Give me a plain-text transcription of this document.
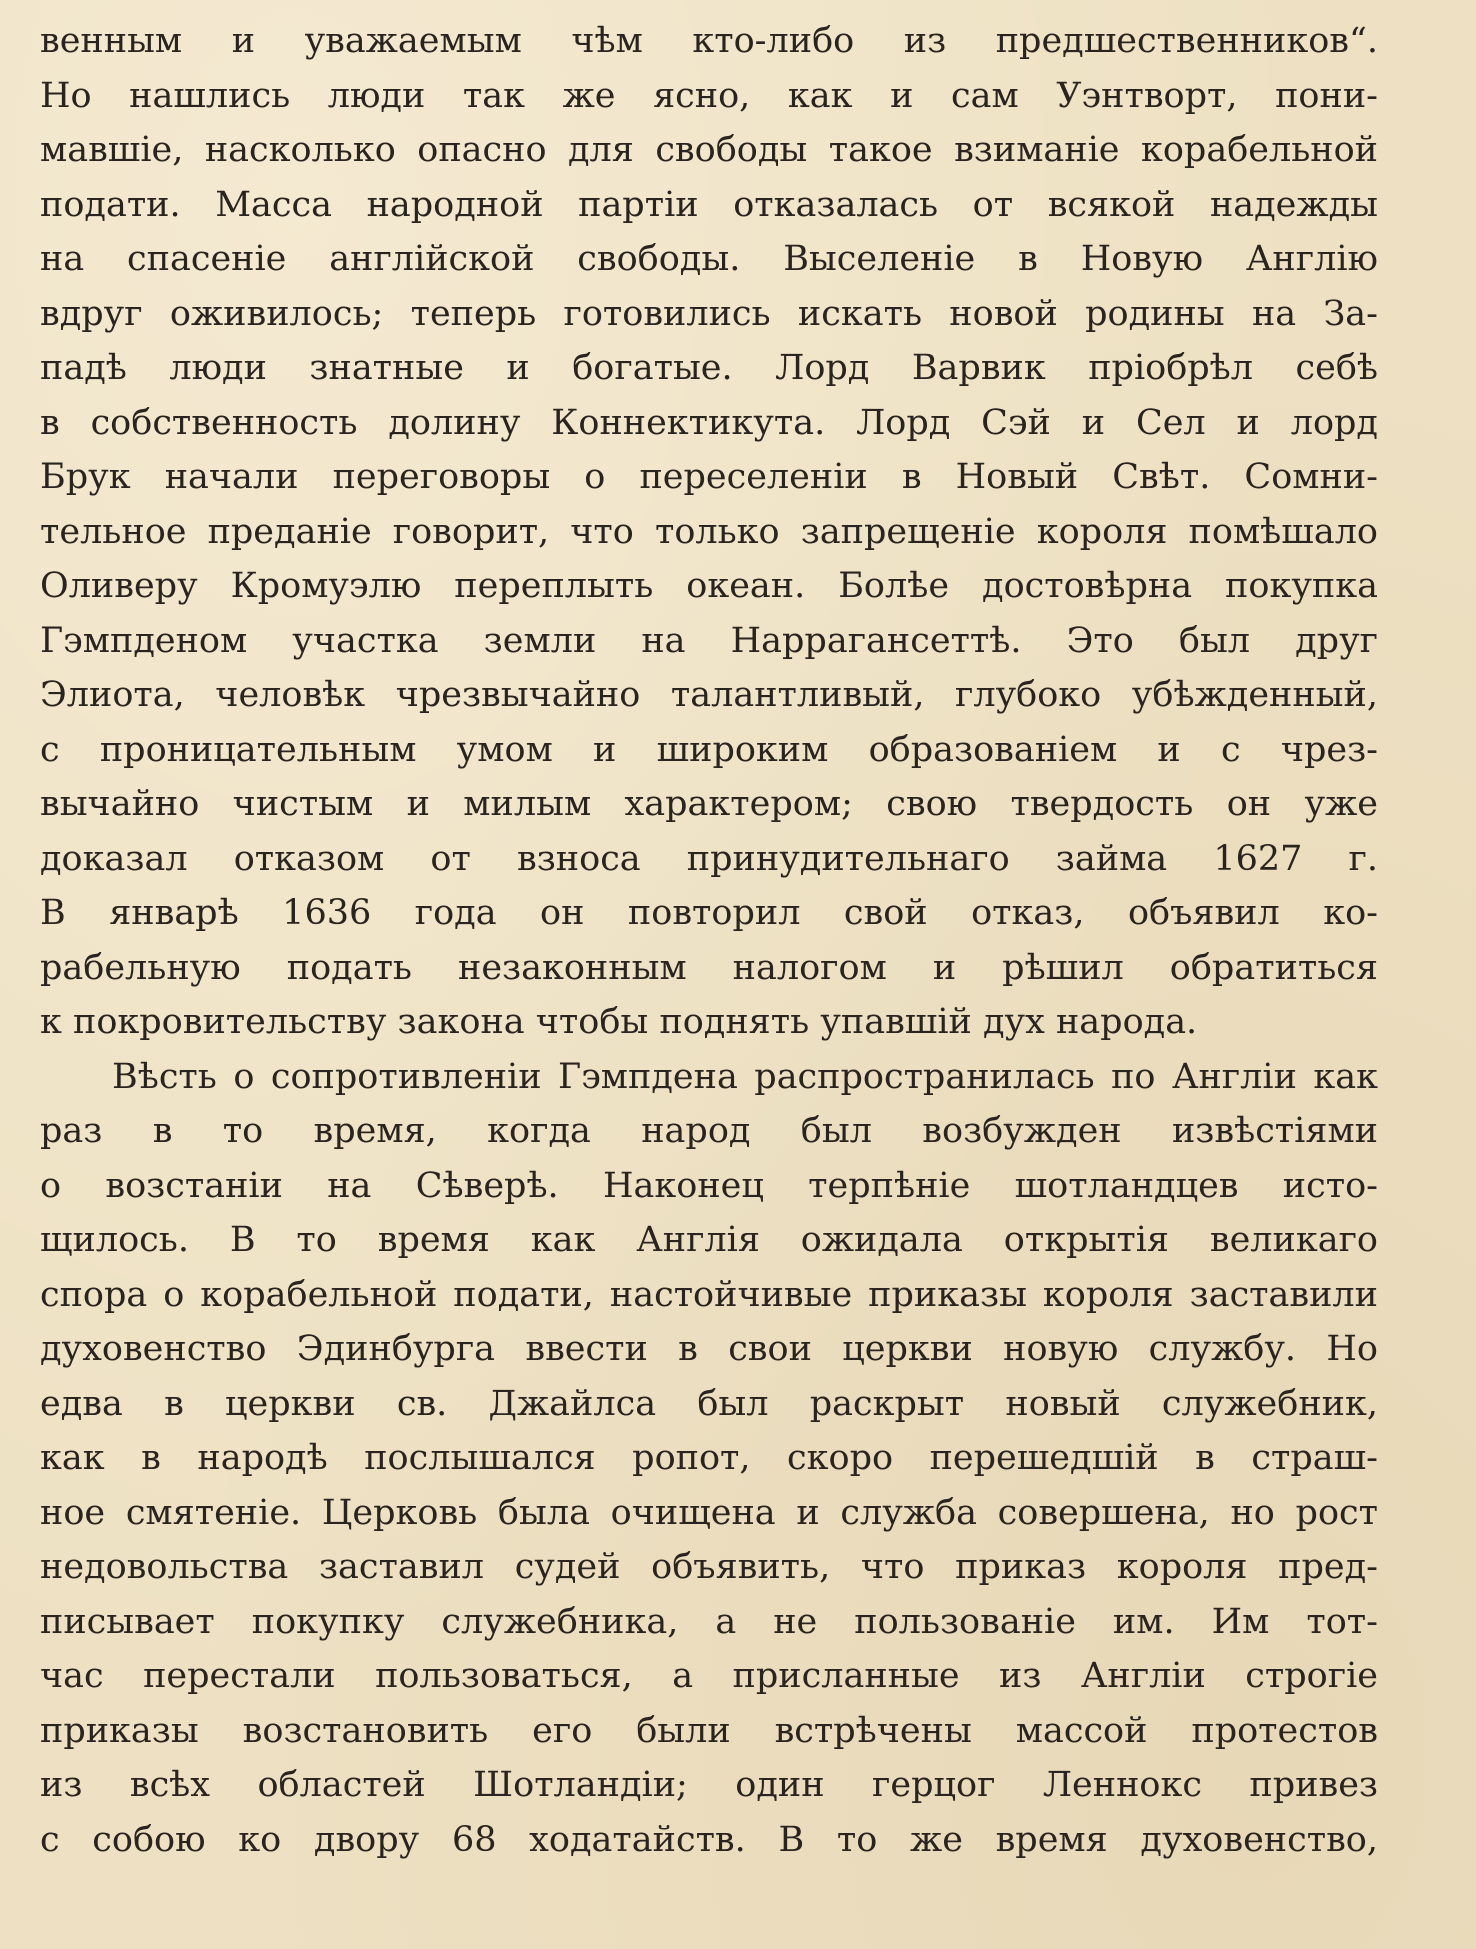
венным и уважаемым чѣм кто-либо из предшественников“.
Но нашлись люди так же ясно, как и сам Уэнтворт, пони-
мавшіе, насколько опасно для свободы такое взиманіе корабельной
подати. Масса народной партіи отказалась от всякой надежды
на спасеніе англійской свободы. Выселеніе в Новую Англію
вдруг оживилось; теперь готовились искать новой родины на За-
падѣ люди знатные и богатые. Лорд Варвик пріобрѣл себѣ
в собственность долину Коннектикута. Лорд Сэй и Сел и лорд
Брук начали переговоры о переселеніи в Новый Свѣт. Сомни-
тельное преданіе говорит, что только запрещеніе короля помѣшало
Оливеру Кромуэлю переплыть океан. Болѣе достовѣрна покупка
Гэмпденом участка земли на Наррагансеттѣ. Это был друг
Элиота, человѣк чрезвычайно талантливый, глубоко убѣжденный,
с проницательным умом и широким образованіем и с чрез-
вычайно чистым и милым характером; свою твердость он уже
доказал отказом от взноса принудительнаго займа 1627 г.
В январѣ 1636 года он повторил свой отказ, объявил ко-
рабельную подать незаконным налогом и рѣшил обратиться
к покровительству закона чтобы поднять упавшій дух народа.
Вѣсть о сопротивленіи Гэмпдена распространилась по Англіи как
раз в то время, когда народ был возбужден извѣстіями
о возстаніи на Сѣверѣ. Наконец терпѣніе шотландцев исто-
щилось. В то время как Англія ожидала открытія великаго
спора о корабельной подати, настойчивые приказы короля заставили
духовенство Эдинбурга ввести в свои церкви новую службу. Но
едва в церкви св. Джайлса был раскрыт новый служебник,
как в народѣ послышался ропот, скоро перешедшій в страш-
ное смятеніе. Церковь была очищена и служба совершена, но рост
недовольства заставил судей объявить, что приказ короля пред-
писывает покупку служебника, а не пользованіе им. Им тот-
час перестали пользоваться, а присланные из Англіи строгіе
приказы возстановить его были встрѣчены массой протестов
из всѣх областей Шотландіи; один герцог Леннокс привез
с собою ко двору 68 ходатайств. В то же время духовенство,
